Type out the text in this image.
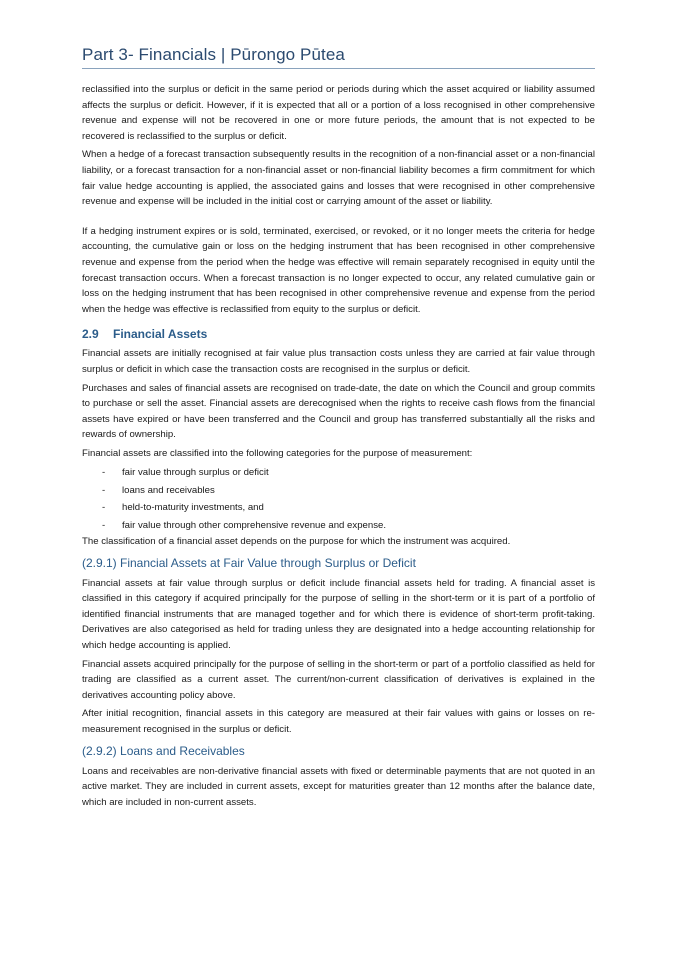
Part 3- Financials | Pūrongo Pūtea

reclassified into the surplus or deficit in the same period or periods during which the asset acquired or liability assumed affects the surplus or deficit. However, if it is expected that all or a portion of a loss recognised in other comprehensive revenue and expense will not be recovered in one or more future periods, the amount that is not expected to be recovered is reclassified to the surplus or deficit.

When a hedge of a forecast transaction subsequently results in the recognition of a non-financial asset or a non-financial liability, or a forecast transaction for a non-financial asset or non-financial liability becomes a firm commitment for which fair value hedge accounting is applied, the associated gains and losses that were recognised in other comprehensive revenue and expense will be included in the initial cost or carrying amount of the asset or liability.

If a hedging instrument expires or is sold, terminated, exercised, or revoked, or it no longer meets the criteria for hedge accounting, the cumulative gain or loss on the hedging instrument that has been recognised in other comprehensive revenue and expense from the period when the hedge was effective will remain separately recognised in equity until the forecast transaction occurs. When a forecast transaction is no longer expected to occur, any related cumulative gain or loss on the hedging instrument that has been recognised in other comprehensive revenue and expense from the period when the hedge was effective is reclassified from equity to the surplus or deficit.

2.9 Financial Assets

Financial assets are initially recognised at fair value plus transaction costs unless they are carried at fair value through surplus or deficit in which case the transaction costs are recognised in the surplus or deficit.

Purchases and sales of financial assets are recognised on trade-date, the date on which the Council and group commits to purchase or sell the asset. Financial assets are derecognised when the rights to receive cash flows from the financial assets have expired or have been transferred and the Council and group has transferred substantially all the risks and rewards of ownership.

Financial assets are classified into the following categories for the purpose of measurement:

- fair value through surplus or deficit
- loans and receivables
- held-to-maturity investments, and
- fair value through other comprehensive revenue and expense.

The classification of a financial asset depends on the purpose for which the instrument was acquired.

(2.9.1) Financial Assets at Fair Value through Surplus or Deficit

Financial assets at fair value through surplus or deficit include financial assets held for trading. A financial asset is classified in this category if acquired principally for the purpose of selling in the short-term or it is part of a portfolio of identified financial instruments that are managed together and for which there is evidence of short-term profit-taking. Derivatives are also categorised as held for trading unless they are designated into a hedge accounting relationship for which hedge accounting is applied.

Financial assets acquired principally for the purpose of selling in the short-term or part of a portfolio classified as held for trading are classified as a current asset. The current/non-current classification of derivatives is explained in the derivatives accounting policy above.

After initial recognition, financial assets in this category are measured at their fair values with gains or losses on re-measurement recognised in the surplus or deficit.

(2.9.2) Loans and Receivables

Loans and receivables are non-derivative financial assets with fixed or determinable payments that are not quoted in an active market. They are included in current assets, except for maturities greater than 12 months after the balance date, which are included in non-current assets.
